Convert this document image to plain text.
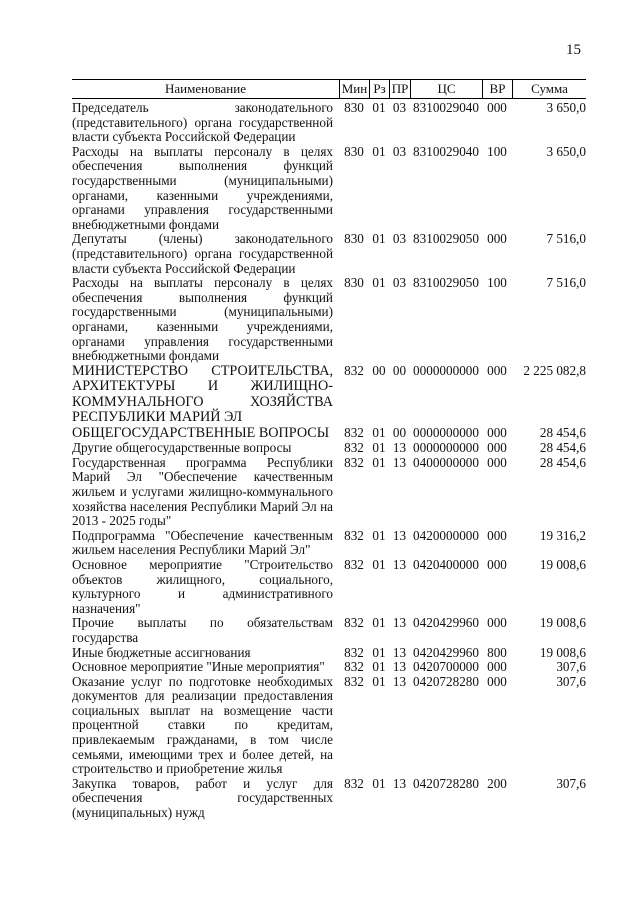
15
Наименование	Мин Рз ПР	ЦС	ВР	Сумма
Председатель законодательного (представительного) органа государственной власти субъекта Российской Федерации
830 01 03 8310029040 000	3 650,0
Расходы на выплаты персоналу в целях обеспечения выполнения функций государственными (муниципальными) органами, казенными учреждениями, органами управления государственными внебюджетными фондами
830 01 03 8310029040 100	3 650,0
Депутаты (члены) законодательного (представительного) органа государственной власти субъекта Российской Федерации
830 01 03 8310029050 000	7 516,0
Расходы на выплаты персоналу в целях обеспечения выполнения функций государственными (муниципальными) органами, казенными учреждениями, органами управления государственными внебюджетными фондами
830 01 03 8310029050 100	7 516,0
МИНИСТЕРСТВО СТРОИТЕЛЬСТВА, АРХИТЕКТУРЫ И ЖИЛИЩНО-КОММУНАЛЬНОГО ХОЗЯЙСТВА РЕСПУБЛИКИ МАРИЙ ЭЛ
832 00 00 0000000000 000	2 225 082,8
ОБЩЕГОСУДАРСТВЕННЫЕ ВОПРОСЫ	832 01 00 0000000000 000	28 454,6
Другие общегосударственные вопросы	832 01 13 0000000000 000	28 454,6
Государственная программа Республики Марий Эл "Обеспечение качественным жильем и услугами жилищно-коммунального хозяйства населения Республики Марий Эл на 2013 - 2025 годы"
832 01 13 0400000000 000	28 454,6
Подпрограмма "Обеспечение качественным жильем населения Республики Марий Эл"
832 01 13 0420000000 000	19 316,2
Основное мероприятие "Строительство объектов жилищного, социального, культурного и административного назначения"
832 01 13 0420400000 000	19 008,6
Прочие выплаты по обязательствам государства
832 01 13 0420429960 000	19 008,6
Иные бюджетные ассигнования	832 01 13 0420429960 800	19 008,6
Основное мероприятие "Иные мероприятия"	832 01 13 0420700000 000	307,6
Оказание услуг по подготовке необходимых документов для реализации предоставления социальных выплат на возмещение части процентной ставки по кредитам, привлекаемым гражданами, в том числе семьями, имеющими трех и более детей, на строительство и приобретение жилья
832 01 13 0420728280 000	307,6
Закупка товаров, работ и услуг для обеспечения государственных (муниципальных) нужд
832 01 13 0420728280 200	307,6
